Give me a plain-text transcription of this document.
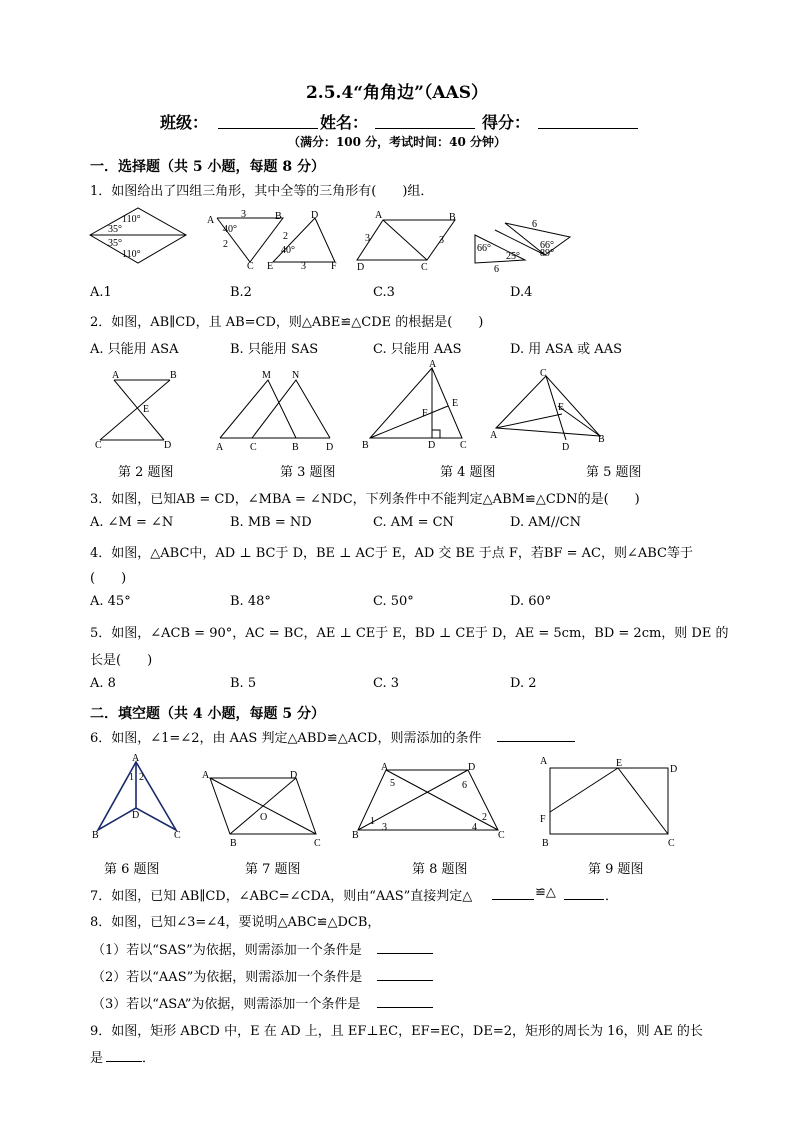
2.5.4“角角边”（AAS）
班级：	姓名：	得分：
（满分：100 分，考试时间：40 分钟）
一．选择题（共 5 小题，每题 8 分）
1．如图给出了四组三角形，其中全等的三角形有(　　)组．
110°
35°
35°
110°
A
3	B	D
40°
2
2
40°
C E	3	F
A	B
3	3
D	C
6
66°	66°
89°
25°
6
A.1	B.2	C.3	D.4
2．如图，AB∥CD，且 AB=CD，则△ABE≌△CDE 的根据是(　　)
A. 只能用 ASA	B. 只能用 SAS	C. 只能用 AAS	D. 用 ASA 或 AAS
A	B
E
C	D
M N
A	C	B	D
A
E
F
B	D C
C
E
A
D
B
第 2 题图	第 3 题图	第 4 题图	第 5 题图
3．如图，已知AB = CD，∠MBA = ∠NDC，下列条件中不能判定△ABM≌△CDN的是(　　)
A. ∠M = ∠N	B. MB = ND	C. AM = CN	D. AM//CN
4．如图，△ABC中，AD ⊥ BC于 D，BE ⊥ AC于 E，AD 交 BE 于点 F，若BF = AC，则∠ABC等于
(　　)
A. 45°	B. 48°	C. 50°	D. 60°
5．如图，∠ACB = 90°，AC = BC，AE ⊥ CE于 E，BD ⊥ CE于 D，AE = 5cm，BD = 2cm，则 DE 的
长是(　　)
A. 8	B. 5	C. 3	D. 2
二．填空题（共 4 小题，每题 5 分）
6．如图，∠1=∠2，由 AAS 判定△ABD≌△ACD，则需添加的条件
A
1 2
D
B	C
A	D
O
B	C
A	D
5	6
1	2
3	4
B	C
A	E
D
F
B	C
第 6 题图	第 7 题图	第 8 题图	第 9 题图
7．如图，已知 AB∥CD，∠ABC=∠CDA，则由“AAS”直接判定△	≌△	．
8．如图，已知∠3=∠4，要说明△ABC≌△DCB，
（1）若以“SAS”为依据，则需添加一个条件是
（2）若以“AAS”为依据，则需添加一个条件是
（3）若以“ASA”为依据，则需添加一个条件是
9．如图，矩形 ABCD 中，E 在 AD 上，且 EF⊥EC，EF=EC，DE=2，矩形的周长为 16，则 AE 的长
是	．
